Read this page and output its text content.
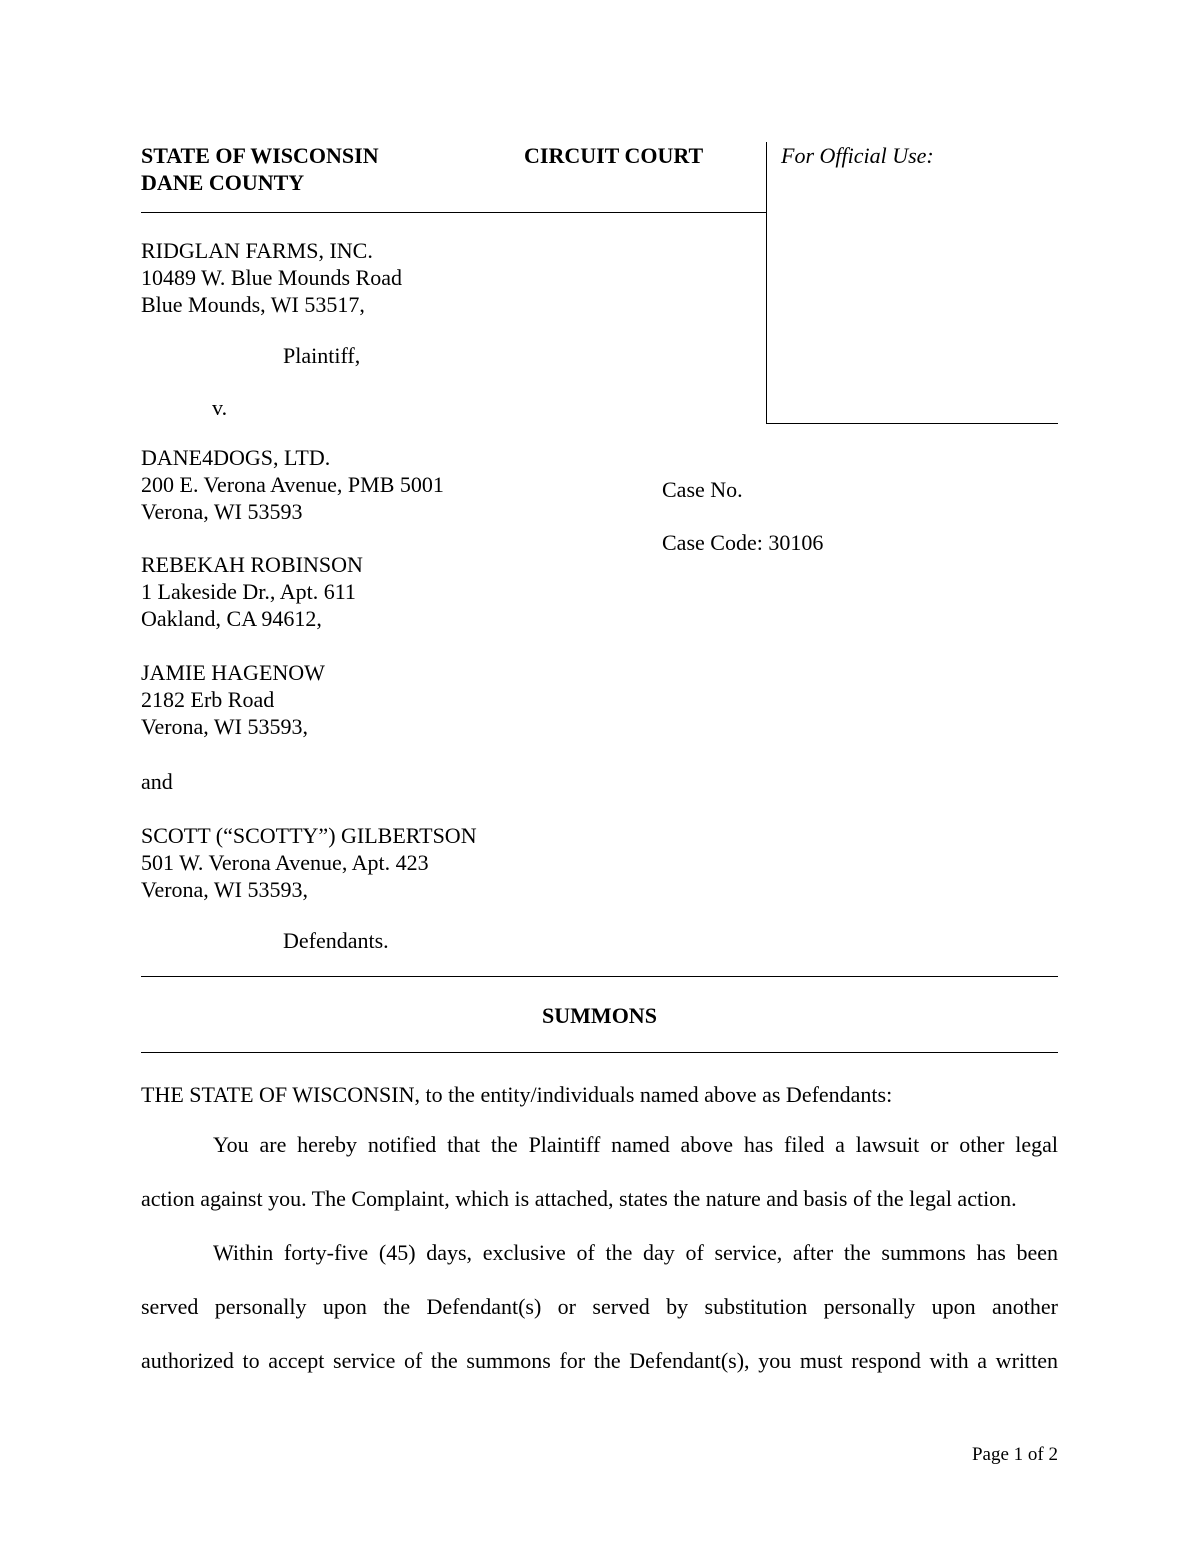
STATE OF WISCONSIN
DANE COUNTY
CIRCUIT COURT	For Official Use:
RIDGLAN FARMS, INC.
10489 W. Blue Mounds Road
Blue Mounds, WI 53517,
Plaintiff,
v.
DANE4DOGS, LTD.
200 E. Verona Avenue, PMB 5001
Verona, WI 53593
REBEKAH ROBINSON
1 Lakeside Dr., Apt. 611
Oakland, CA 94612,
JAMIE HAGENOW
2182 Erb Road
Verona, WI 53593,
and
SCOTT (“SCOTTY”) GILBERTSON
501 W. Verona Avenue, Apt. 423
Verona, WI 53593,
Defendants.
Case No.
Case Code: 30106
SUMMONS
THE STATE OF WISCONSIN, to the entity/individuals named above as Defendants:
You are hereby notified that the Plaintiff named above has filed a lawsuit or other legal
action against you. The Complaint, which is attached, states the nature and basis of the legal action.
Within forty-five (45) days, exclusive of the day of service, after the summons has been
served personally upon the Defendant(s) or served by substitution personally upon another
authorized to accept service of the summons for the Defendant(s), you must respond with a written
Page 1 of 2
